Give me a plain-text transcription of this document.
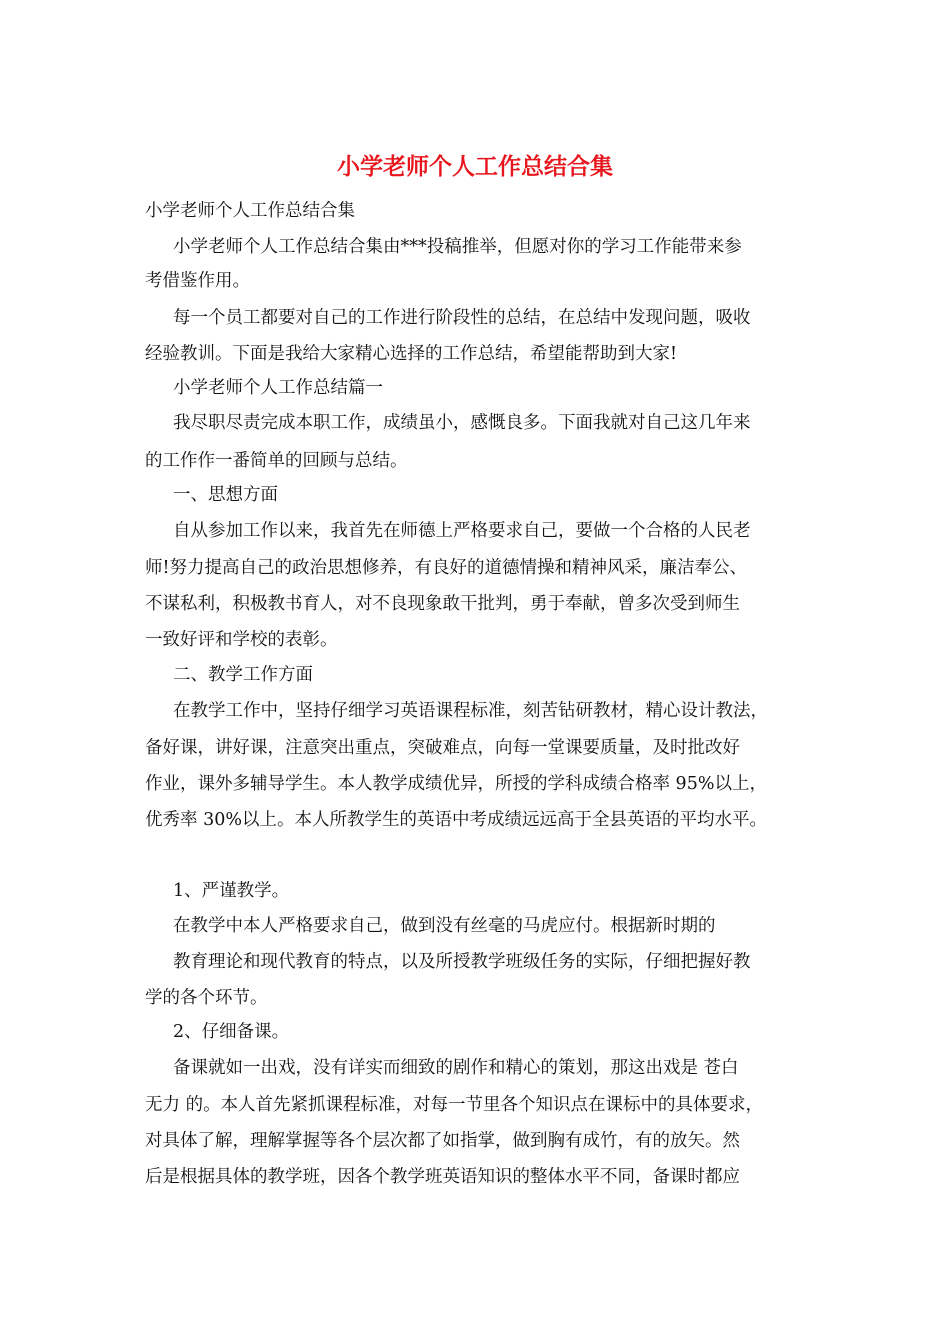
小学老师个人工作总结合集
小学老师个人工作总结合集
小学老师个人工作总结合集由***投稿推举，但愿对你的学习工作能带来参
考借鉴作用。
每一个员工都要对自己的工作进行阶段性的总结，在总结中发现问题，吸收
经验教训。下面是我给大家精心选择的工作总结，希望能帮助到大家!
小学老师个人工作总结篇一
我尽职尽责完成本职工作，成绩虽小，感慨良多。下面我就对自己这几年来
的工作作一番简单的回顾与总结。
一、思想方面
自从参加工作以来，我首先在师德上严格要求自己，要做一个合格的人民老
师!努力提高自己的政治思想修养，有良好的道德情操和精神风采，廉洁奉公、
不谋私利，积极教书育人，对不良现象敢干批判，勇于奉献，曾多次受到师生
一致好评和学校的表彰。
二、教学工作方面
在教学工作中，坚持仔细学习英语课程标准，刻苦钻研教材，精心设计教法，
备好课，讲好课，注意突出重点，突破难点，向每一堂课要质量，及时批改好
作业，课外多辅导学生。本人教学成绩优异，所授的学科成绩合格率 95%以上，
优秀率 30%以上。本人所教学生的英语中考成绩远远高于全县英语的平均水平。
1、严谨教学。
在教学中本人严格要求自己，做到没有丝毫的马虎应付。根据新时期的
教育理论和现代教育的特点，以及所授教学班级任务的实际，仔细把握好教
学的各个环节。
2、仔细备课。
备课就如一出戏，没有详实而细致的剧作和精心的策划，那这出戏是 苍白
无力 的。本人首先紧抓课程标准，对每一节里各个知识点在课标中的具体要求，
对具体了解，理解掌握等各个层次都了如指掌，做到胸有成竹，有的放矢。然
后是根据具体的教学班，因各个教学班英语知识的整体水平不同，备课时都应
